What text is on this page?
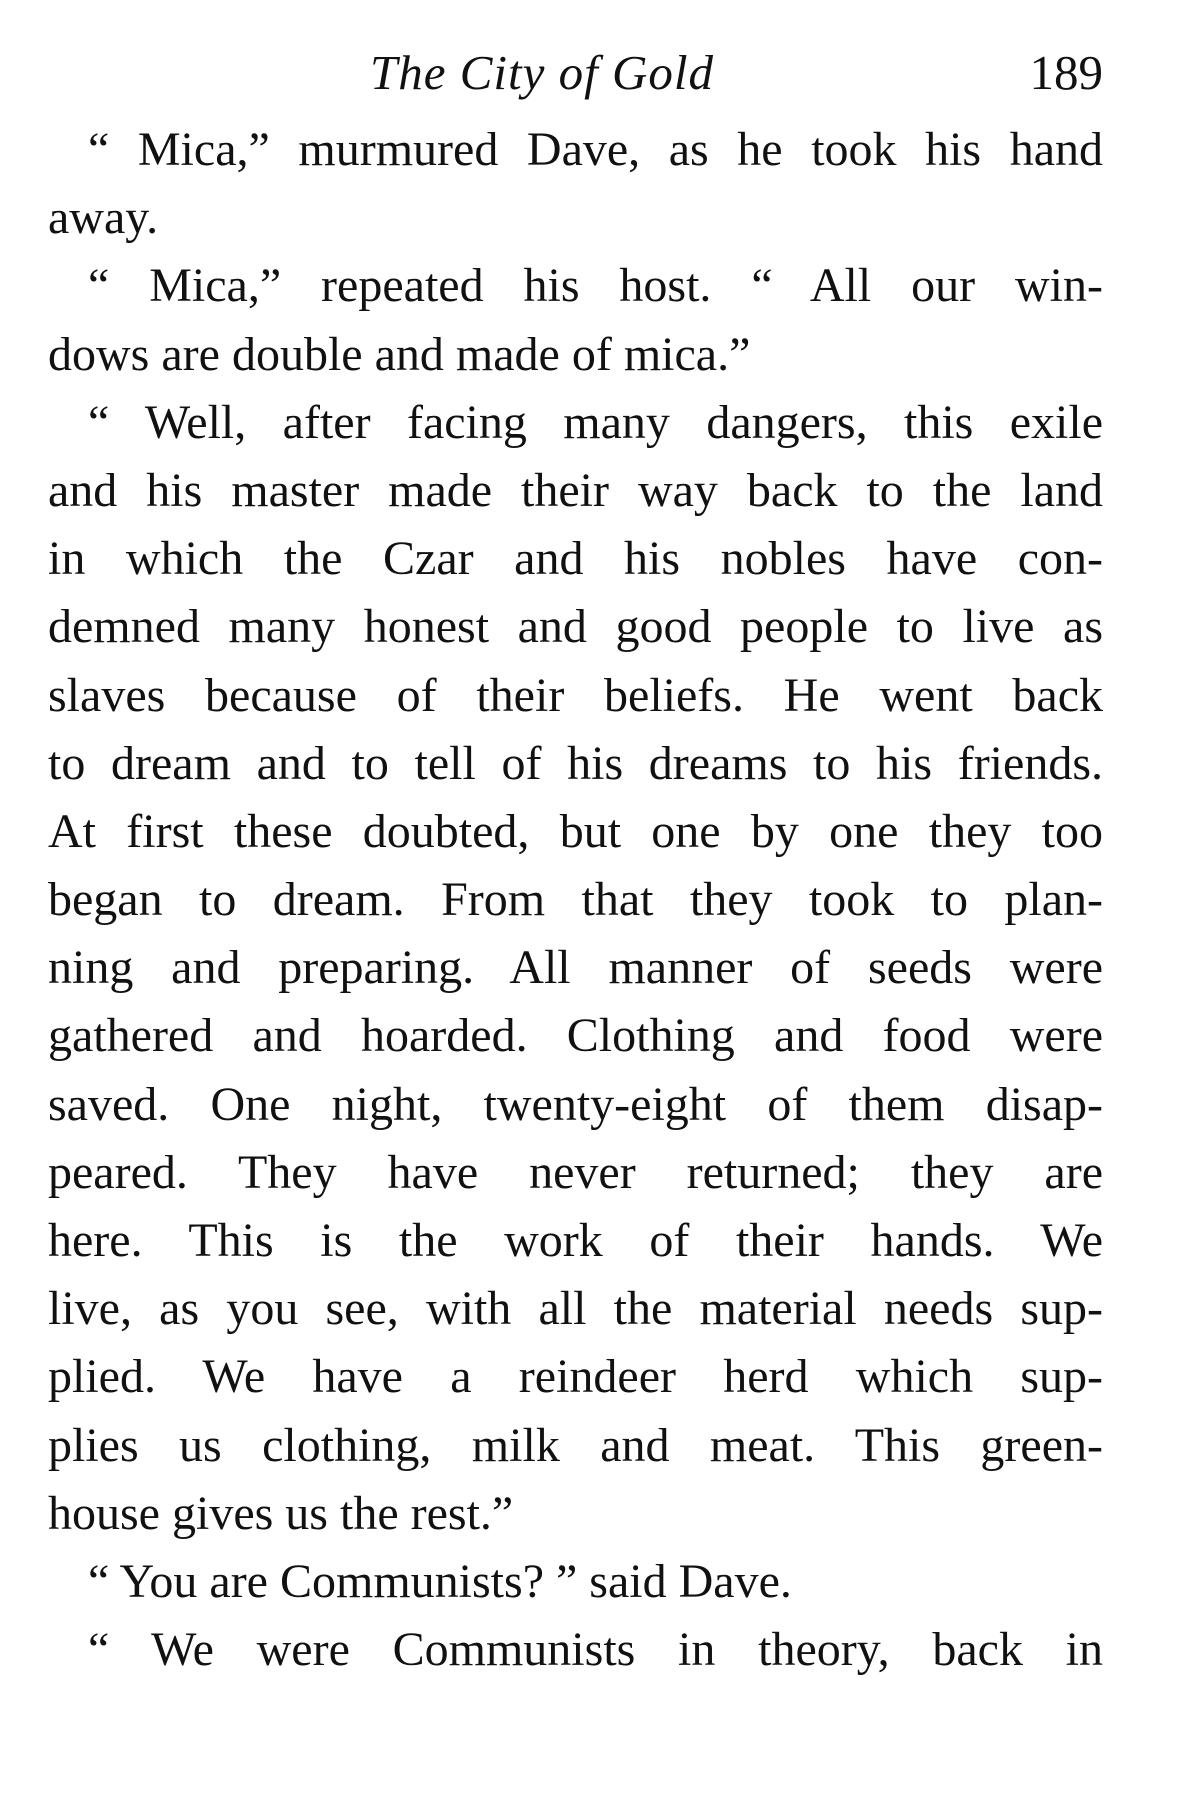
The City of Gold	189
“ Mica,” murmured Dave, as he took his hand
away.
“ Mica,” repeated his host. “ All our win-
dows are double and made of mica.”
“ Well, after facing many dangers, this exile
and his master made their way back to the land
in which the Czar and his nobles have con-
demned many honest and good people to live as
slaves because of their beliefs. He went back
to dream and to tell of his dreams to his friends.
At first these doubted, but one by one they too
began to dream. From that they took to plan-
ning and preparing. All manner of seeds were
gathered and hoarded. Clothing and food were
saved. One night, twenty-eight of them disap-
peared. They have never returned; they are
here. This is the work of their hands. We
live, as you see, with all the material needs sup-
plied. We have a reindeer herd which sup-
plies us clothing, milk and meat. This green-
house gives us the rest.”
“ You are Communists? ” said Dave.
“ We were Communists in theory, back in
